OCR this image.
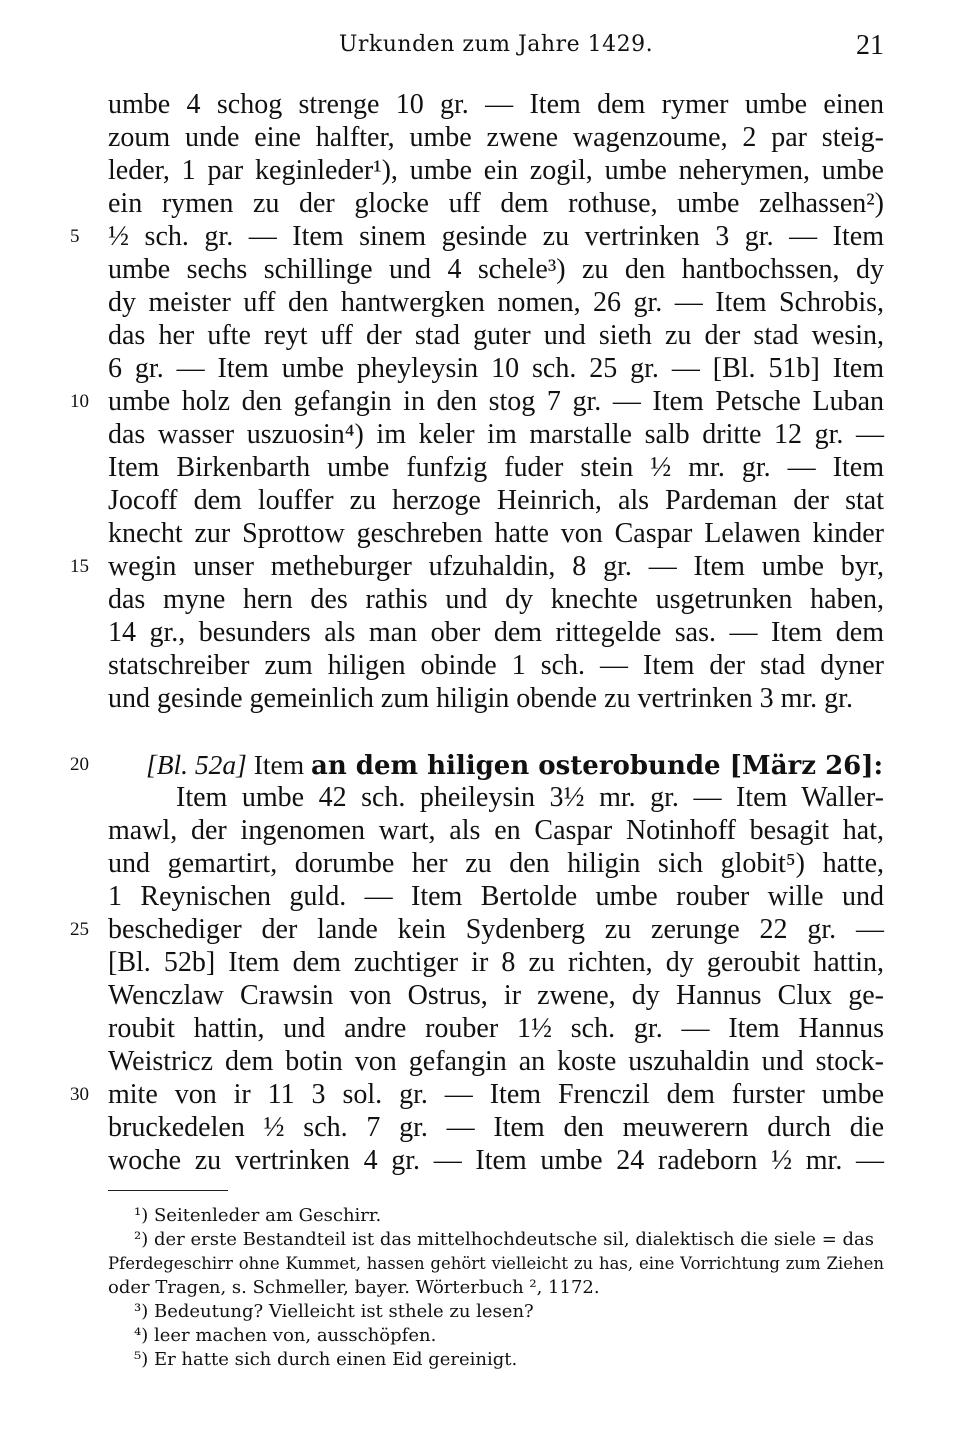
Urkunden zum Jahre 1429.	21
umbe 4 schog strenge 10 gr. — Item dem rymer umbe einen
zoum unde eine halfter, umbe zwene wagenzoume, 2 par steig-
leder, 1 par keginleder¹), umbe ein zogil, umbe neherymen, umbe
ein rymen zu der glocke uff dem rothuse, umbe zelhassen²)
½ sch. gr. — Item sinem gesinde zu vertrinken 3 gr. — Item
umbe sechs schillinge und 4 schele³) zu den hantbochssen, dy
dy meister uff den hantwergken nomen, 26 gr. — Item Schrobis,
das her ufte reyt uff der stad guter und sieth zu der stad wesin,
6 gr. — Item umbe pheyleysin 10 sch. 25 gr. — [Bl. 51b] Item
umbe holz den gefangin in den stog 7 gr. — Item Petsche Luban
das wasser uszuosin⁴) im keler im marstalle salb dritte 12 gr. —
Item Birkenbarth umbe funfzig fuder stein ½ mr. gr. — Item
Jocoff dem louffer zu herzoge Heinrich, als Pardeman der stat
knecht zur Sprottow geschreben hatte von Caspar Lelawen kinder
wegin unser metheburger ufzuhaldin, 8 gr. — Item umbe byr,
das myne hern des rathis und dy knechte usgetrunken haben,
14 gr., besunders als man ober dem rittegelde sas. — Item dem
statschreiber zum hiligen obinde 1 sch. — Item der stad dyner
und gesinde gemeinlich zum hiligin obende zu vertrinken 3 mr. gr.
[Bl. 52a] Item an dem hiligen osterobunde [März 26]:
Item umbe 42 sch. pheileysin 3½ mr. gr. — Item Waller-
mawl, der ingenomen wart, als en Caspar Notinhoff besagit hat,
und gemartirt, dorumbe her zu den hiligin sich globit⁵) hatte,
1 Reynischen guld. — Item Bertolde umbe rouber wille und
beschediger der lande kein Sydenberg zu zerunge 22 gr. —
[Bl. 52b] Item dem zuchtiger ir 8 zu richten, dy geroubit hattin,
Wenczlaw Crawsin von Ostrus, ir zwene, dy Hannus Clux ge-
roubit hattin, und andre rouber 1½ sch. gr. — Item Hannus
Weistricz dem botin von gefangin an koste uszuhaldin und stock-
mite von ir 11 3 sol. gr. — Item Frenczil dem furster umbe
bruckedelen ½ sch. 7 gr. — Item den meuwerern durch die
woche zu vertrinken 4 gr. — Item umbe 24 radeborn ½ mr. —
5
10
15
20
25
30
¹) Seitenleder am Geschirr.
²) der erste Bestandteil ist das mittelhochdeutsche sil, dialektisch die siele = das
Pferdegeschirr ohne Kummet, hassen gehört vielleicht zu has, eine Vorrichtung zum Ziehen
oder Tragen, s. Schmeller, bayer. Wörterbuch ², 1172.
³) Bedeutung? Vielleicht ist sthele zu lesen?
⁴) leer machen von, ausschöpfen.
⁵) Er hatte sich durch einen Eid gereinigt.
